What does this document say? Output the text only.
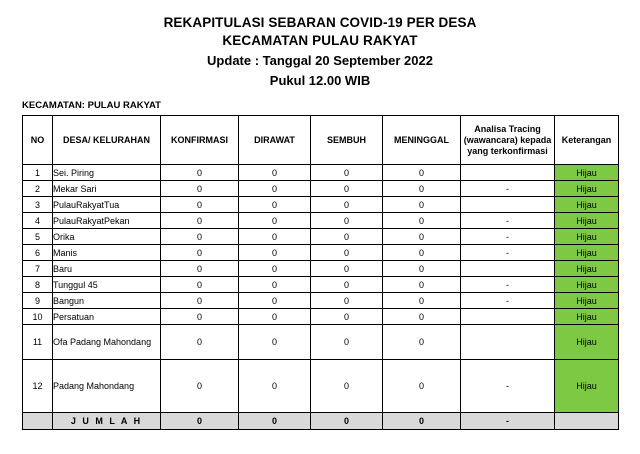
REKAPITULASI SEBARAN COVID-19 PER DESA
KECAMATAN PULAU RAKYAT
Update : Tanggal 20 September 2022
Pukul 12.00 WIB
KECAMATAN: PULAU RAKYAT
NO	DESA/ KELURAHAN	KONFIRMASI	DIRAWAT	SEMBUH	MENINGGAL	Analisa Tracing (wawancara) kepada yang terkonfirmasi	Keterangan
1	Sei. Piring	0	0	0	0		Hijau
2	Mekar Sari	0	0	0	0	-	Hijau
3	PulauRakyatTua	0	0	0	0		Hijau
4	PulauRakyatPekan	0	0	0	0	-	Hijau
5	Orika	0	0	0	0	-	Hijau
6	Manis	0	0	0	0	-	Hijau
7	Baru	0	0	0	0		Hijau
8	Tunggul 45	0	0	0	0	-	Hijau
9	Bangun	0	0	0	0	-	Hijau
10	Persatuan	0	0	0	0		Hijau
11	Ofa Padang Mahondang	0	0	0	0		Hijau
12	Padang Mahondang	0	0	0	0	-	Hijau
	J U M L A H	0	0	0	0	-	
